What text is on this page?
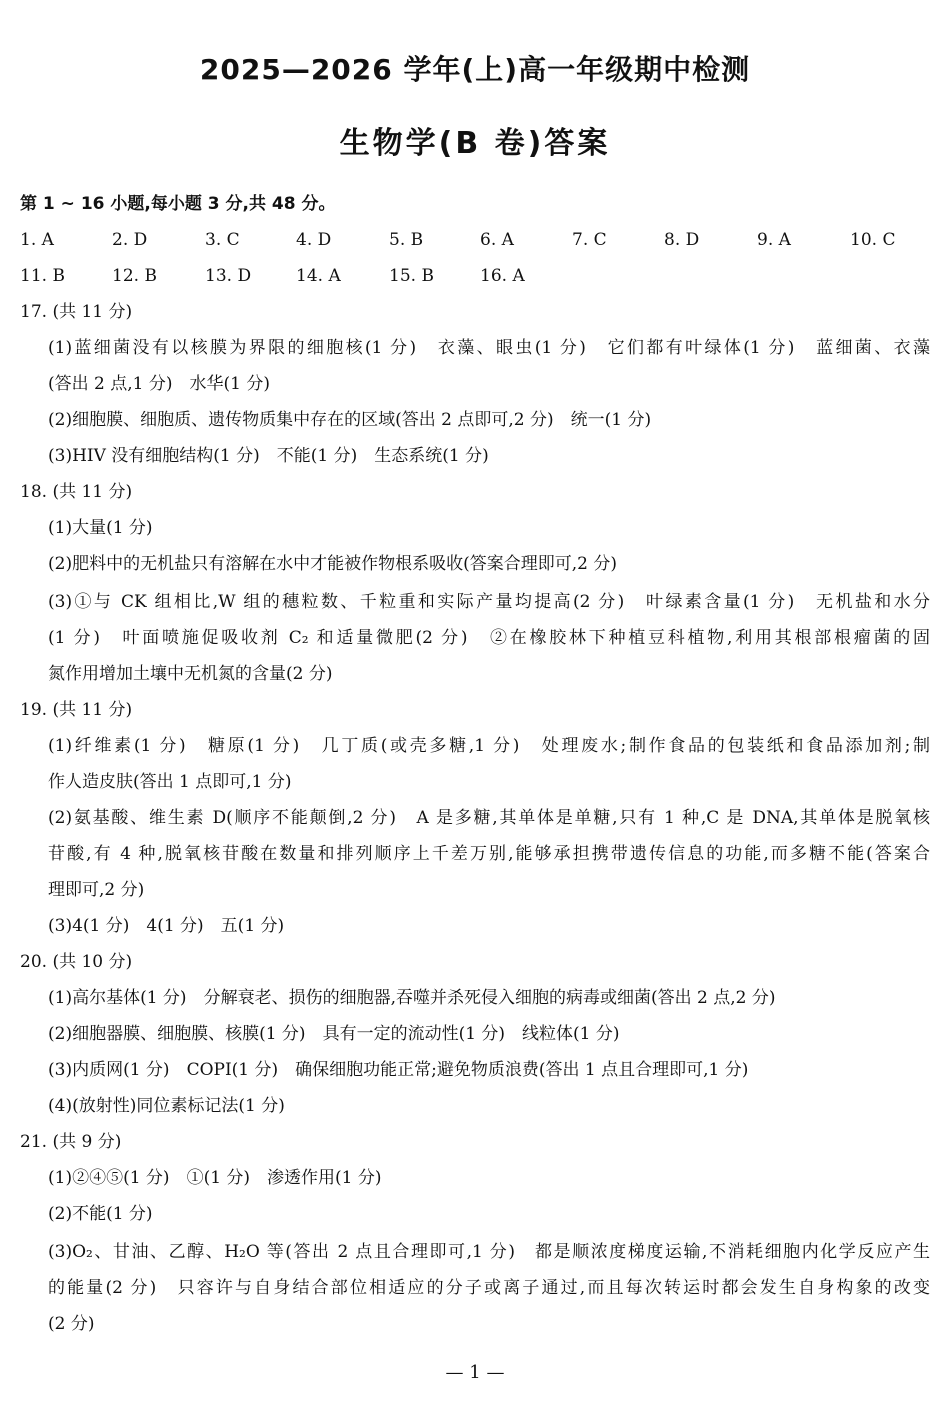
2025—2026 学年(上)高一年级期中检测
生物学(B 卷)答案
第 1 ~ 16 小题,每小题 3 分,共 48 分。
1. A	2. D	3. C	4. D	5. B	6. A	7. C	8. D	9. A	10. C
11. B	12. B	13. D	14. A	15. B	16. A
17. (共 11 分)
(1)蓝细菌没有以核膜为界限的细胞核(1 分)　衣藻、眼虫(1 分)　它们都有叶绿体(1 分)　蓝细菌、衣藻
(答出 2 点,1 分)　水华(1 分)
(2)细胞膜、细胞质、遗传物质集中存在的区域(答出 2 点即可,2 分)　统一(1 分)
(3)HIV 没有细胞结构(1 分)　不能(1 分)　生态系统(1 分)
18. (共 11 分)
(1)大量(1 分)
(2)肥料中的无机盐只有溶解在水中才能被作物根系吸收(答案合理即可,2 分)
(3)①与 CK 组相比,W 组的穗粒数、千粒重和实际产量均提高(2 分)　叶绿素含量(1 分)　无机盐和水分
(1 分)　叶面喷施促吸收剂 C₂ 和适量微肥(2 分)　②在橡胶林下种植豆科植物,利用其根部根瘤菌的固
氮作用增加土壤中无机氮的含量(2 分)
19. (共 11 分)
(1)纤维素(1 分)　糖原(1 分)　几丁质(或壳多糖,1 分)　处理废水;制作食品的包装纸和食品添加剂;制
作人造皮肤(答出 1 点即可,1 分)
(2)氨基酸、维生素 D(顺序不能颠倒,2 分)　A 是多糖,其单体是单糖,只有 1 种,C 是 DNA,其单体是脱氧核
苷酸,有 4 种,脱氧核苷酸在数量和排列顺序上千差万别,能够承担携带遗传信息的功能,而多糖不能(答案合
理即可,2 分)
(3)4(1 分)　4(1 分)　五(1 分)
20. (共 10 分)
(1)高尔基体(1 分)　分解衰老、损伤的细胞器,吞噬并杀死侵入细胞的病毒或细菌(答出 2 点,2 分)
(2)细胞器膜、细胞膜、核膜(1 分)　具有一定的流动性(1 分)　线粒体(1 分)
(3)内质网(1 分)　COPⅠ(1 分)　确保细胞功能正常;避免物质浪费(答出 1 点且合理即可,1 分)
(4)(放射性)同位素标记法(1 分)
21. (共 9 分)
(1)②④⑤(1 分)　①(1 分)　渗透作用(1 分)
(2)不能(1 分)
(3)O₂、甘油、乙醇、H₂O 等(答出 2 点且合理即可,1 分)　都是顺浓度梯度运输,不消耗细胞内化学反应产生
的能量(2 分)　只容许与自身结合部位相适应的分子或离子通过,而且每次转运时都会发生自身构象的改变
(2 分)
— 1 —
